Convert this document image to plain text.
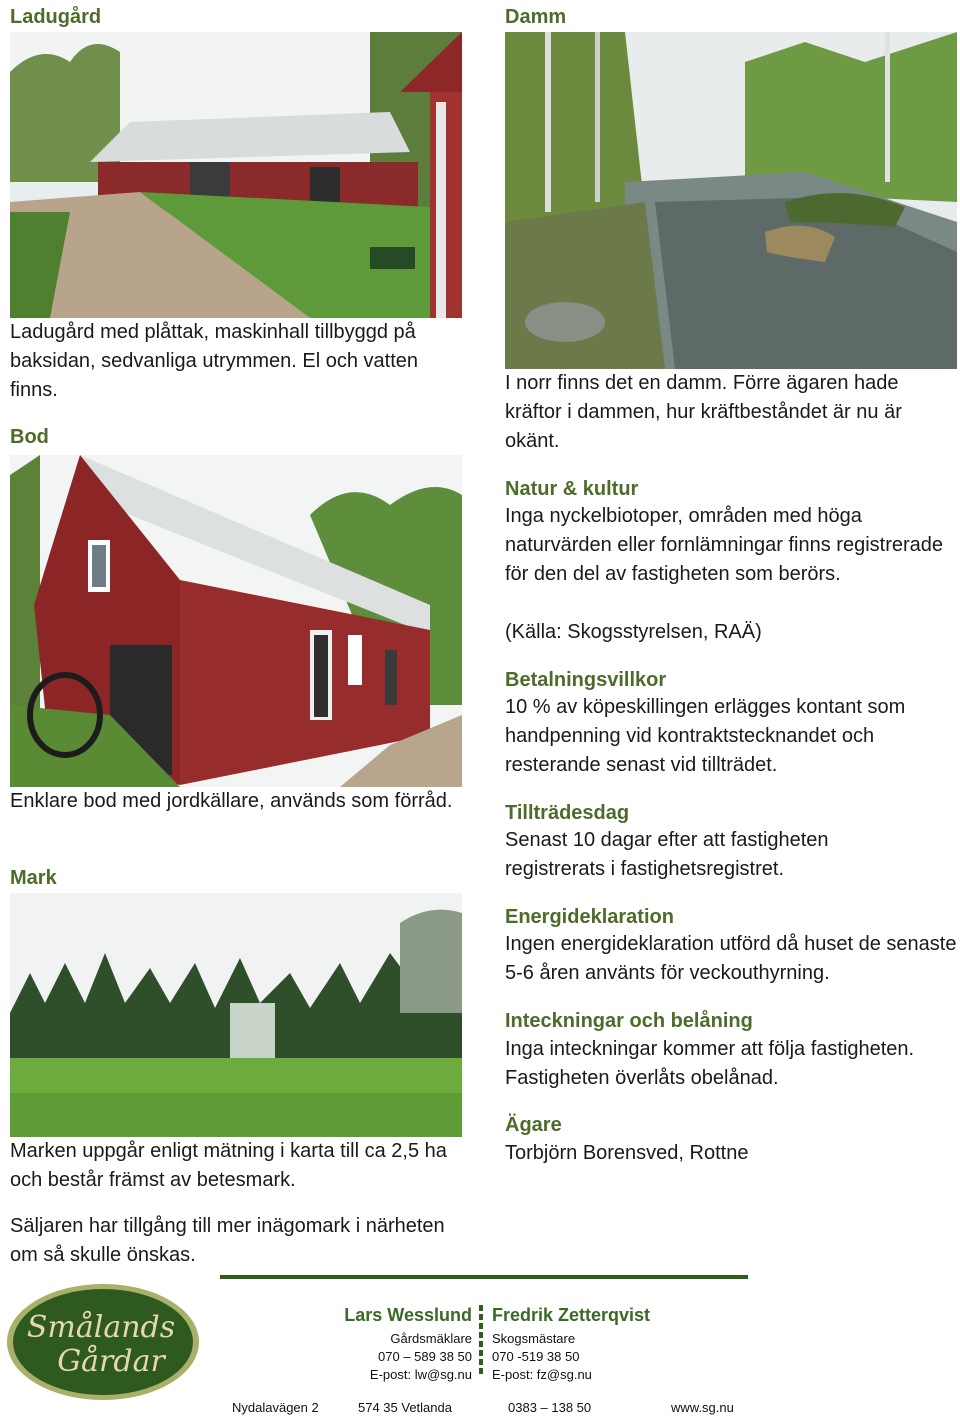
Ladugård
Ladugård med plåttak, maskinhall tillbyggd på baksidan, sedvanliga utrymmen. El och vatten finns.
Bod
Enklare bod med jordkällare, används som förråd.
Mark
Marken uppgår enligt mätning i karta till ca 2,5 ha och består främst av betesmark.
Säljaren har tillgång till mer inägomark i närheten om så skulle önskas.
Damm
I norr finns det en damm. Förre ägaren hade kräftor i dammen, hur kräftbeståndet är nu är okänt.
Natur & kultur
Inga nyckelbiotoper, områden med höga naturvärden eller fornlämningar finns registrerade för den del av fastigheten som berörs.
(Källa: Skogsstyrelsen, RAÄ)
Betalningsvillkor
10 % av köpeskillingen erlägges kontant som handpenning vid kontraktstecknandet och resterande senast vid tillträdet.
Tillträdesdag
Senast 10 dagar efter att fastigheten registrerats i fastighetsregistret.
Energideklaration
Ingen energideklaration utförd då huset de senaste 5-6 åren använts för veckouthyrning.
Inteckningar och belåning
Inga inteckningar kommer att följa fastigheten. Fastigheten överlåts obelånad.
Ägare
Torbjörn Borensved, Rottne
Smålands
Gårdar
Lars Wesslund
Gårdsmäklare
070 – 589 38 50
E-post: lw@sg.nu
Fredrik Zetterqvist
Skogsmästare
070 -519 38 50
E-post: fz@sg.nu
Nydalavägen 2	574 35 Vetlanda	0383 – 138 50	www.sg.nu
